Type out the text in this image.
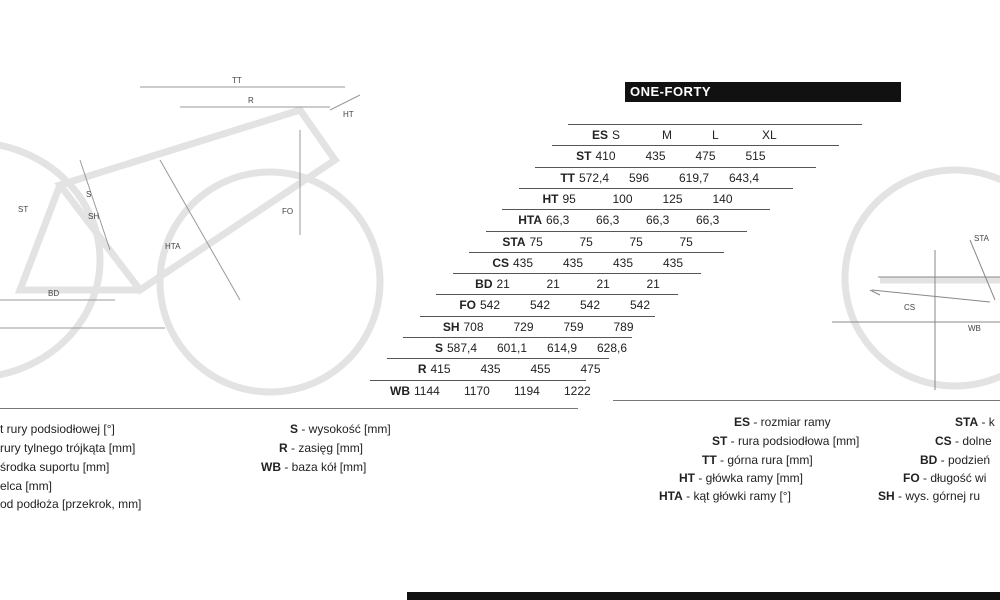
TT
R
HT
S
ST
SH
FO
HTA
BD
STA
CS
WB
ONE-FORTY
ES S	M	L	XL
ST 410 435 475 515
TT 572,4 596 619,7 643,4
HT 95	100 125 140
HTA 66,3 66,3 66,3 66,3
STA 75	75	75	75
CS 435 435 435 435
BD 21	21	21	21
FO 542 542 542 542
SH 708 729 759 789
S 587,4 601,1 614,9 628,6
R 415 435 455 475
WB 1144 1170 1194 1222
t rury podsiodłowej [°]
rury tylnego trójkąta [mm]
środka suportu [mm]
elca [mm]
od podłoża [przekrok, mm]
S - wysokość [mm]
R - zasięg [mm]
WB - baza kół [mm]
ES - rozmiar ramy
ST - rura podsiodłowa [mm]
TT - górna rura [mm]
HT - główka ramy [mm]
HTA - kąt główki ramy [°]
STA - k
CS - dolne
BD - podzień
FO - długość wi
SH - wys. górnej ru
